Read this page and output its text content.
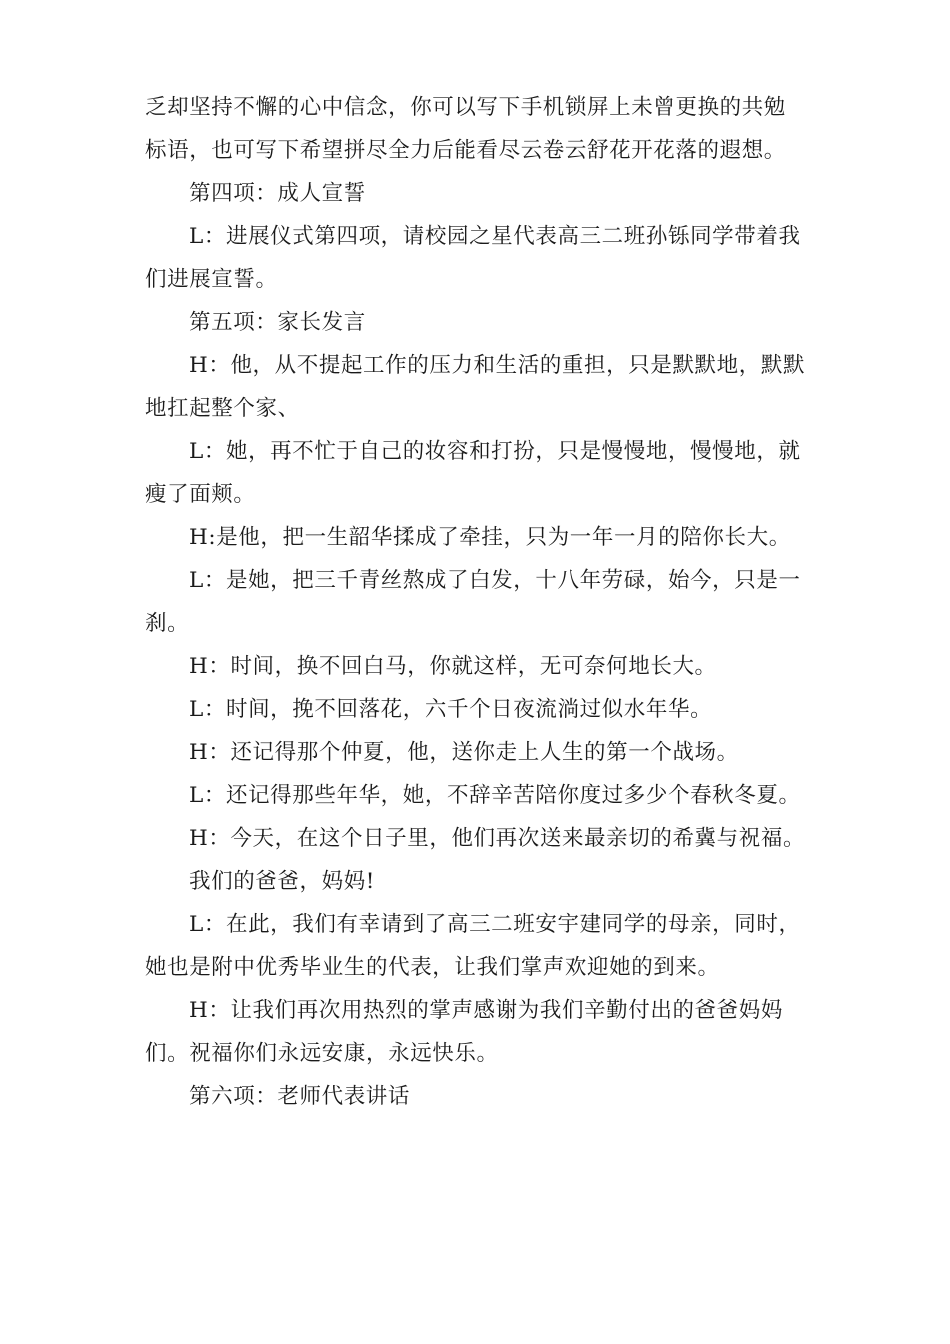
乏却坚持不懈的心中信念，你可以写下手机锁屏上未曾更换的共勉
标语，也可写下希望拼尽全力后能看尽云卷云舒花开花落的遐想。
第四项：成人宣誓
L：进展仪式第四项，请校园之星代表高三二班孙铄同学带着我
们进展宣誓。
第五项：家长发言
H：他，从不提起工作的压力和生活的重担，只是默默地，默默
地扛起整个家、
L：她，再不忙于自己的妆容和打扮，只是慢慢地，慢慢地，就
瘦了面颊。
H:是他，把一生韶华揉成了牵挂，只为一年一月的陪你长大。
L：是她，把三千青丝熬成了白发，十八年劳碌，始今，只是一
刹。
H：时间，换不回白马，你就这样，无可奈何地长大。
L：时间，挽不回落花，六千个日夜流淌过似水年华。
H：还记得那个仲夏，他，送你走上人生的第一个战场。
L：还记得那些年华，她，不辞辛苦陪你度过多少个春秋冬夏。
H：今天，在这个日子里，他们再次送来最亲切的希冀与祝福。
我们的爸爸，妈妈!
L：在此，我们有幸请到了高三二班安宇建同学的母亲，同时，
她也是附中优秀毕业生的代表，让我们掌声欢迎她的到来。
H：让我们再次用热烈的掌声感谢为我们辛勤付出的爸爸妈妈
们。祝福你们永远安康，永远快乐。
第六项：老师代表讲话
